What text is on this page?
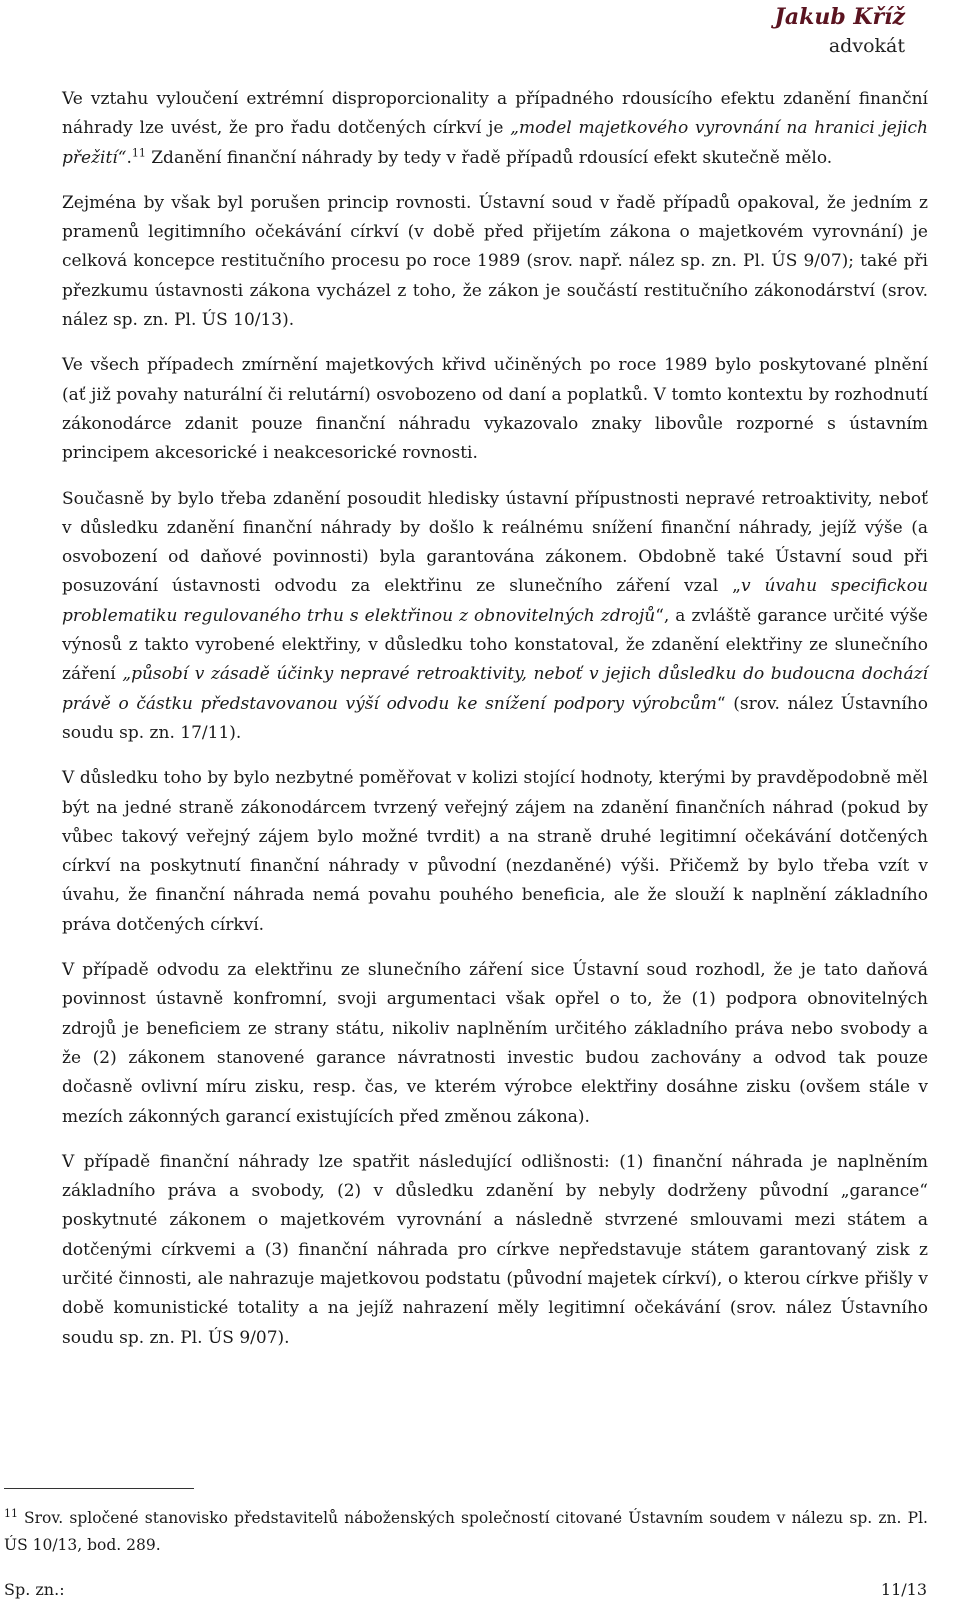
Jakub Kříž
advokát

Ve vztahu vyloučení extrémní disproporcionality a případného rdousícího efektu zdanění finanční náhrady lze uvést, že pro řadu dotčených církví je „model majetkového vyrovnání na hranici jejich přežití“.$^{11}$ Zdanění finanční náhrady by tedy v řadě případů rdousící efekt skutečně mělo.

Zejména by však byl porušen princip rovnosti. Ústavní soud v řadě případů opakoval, že jedním z pramenů legitimního očekávání církví (v době před přijetím zákona o majetkovém vyrovnání) je celková koncepce restitučního procesu po roce 1989 (srov. např. nález sp. zn. Pl. ÚS 9/07); také při přezkumu ústavnosti zákona vycházel z toho, že zákon je součástí restitučního zákonodárství (srov. nález sp. zn. Pl. ÚS 10/13).

Ve všech případech zmírnění majetkových křivd učiněných po roce 1989 bylo poskytované plnění (ať již povahy naturální či relutární) osvobozeno od daní a poplatků. V tomto kontextu by rozhodnutí zákonodárce zdanit pouze finanční náhradu vykazovalo znaky libovůle rozporné s ústavním principem akcesorické i neakcesorické rovnosti.

Současně by bylo třeba zdanění posoudit hledisky ústavní přípustnosti nepravé retroaktivity, neboť v důsledku zdanění finanční náhrady by došlo k reálnému snížení finanční náhrady, jejíž výše (a osvobození od daňové povinnosti) byla garantována zákonem. Obdobně také Ústavní soud při posuzování ústavnosti odvodu za elektřinu ze slunečního záření vzal „v úvahu specifickou problematiku regulovaného trhu s elektřinou z obnovitelných zdrojů“, a zvláště garance určité výše výnosů z takto vyrobené elektřiny, v důsledku toho konstatoval, že zdanění elektřiny ze slunečního záření „působí v zásadě účinky nepravé retroaktivity, neboť v jejich důsledku do budoucna dochází právě o částku představovanou výší odvodu ke snížení podpory výrobcům“ (srov. nález Ústavního soudu sp. zn. 17/11).

V důsledku toho by bylo nezbytné poměřovat v kolizi stojící hodnoty, kterými by pravděpodobně měl být na jedné straně zákonodárcem tvrzený veřejný zájem na zdanění finančních náhrad (pokud by vůbec takový veřejný zájem bylo možné tvrdit) a na straně druhé legitimní očekávání dotčených církví na poskytnutí finanční náhrady v původní (nezdaněné) výši. Přičemž by bylo třeba vzít v úvahu, že finanční náhrada nemá povahu pouhého beneficia, ale že slouží k naplnění základního práva dotčených církví.

V případě odvodu za elektřinu ze slunečního záření sice Ústavní soud rozhodl, že je tato daňová povinnost ústavně konfromní, svoji argumentaci však opřel o to, že (1) podpora obnovitelných zdrojů je beneficiem ze strany státu, nikoliv naplněním určitého základního práva nebo svobody a že (2) zákonem stanovené garance návratnosti investic budou zachovány a odvod tak pouze dočasně ovlivní míru zisku, resp. čas, ve kterém výrobce elektřiny dosáhne zisku (ovšem stále v mezích zákonných garancí existujících před změnou zákona).

V případě finanční náhrady lze spatřit následující odlišnosti: (1) finanční náhrada je naplněním základního práva a svobody, (2) v důsledku zdanění by nebyly dodrženy původní „garance“ poskytnuté zákonem o majetkovém vyrovnání a následně stvrzené smlouvami mezi státem a dotčenými církvemi a (3) finanční náhrada pro církve nepředstavuje státem garantovaný zisk z určité činnosti, ale nahrazuje majetkovou podstatu (původní majetek církví), o kterou církve přišly v době komunistické totality a na jejíž nahrazení měly legitimní očekávání (srov. nález Ústavního soudu sp. zn. Pl. ÚS 9/07).

$^{11}$ Srov. spločené stanovisko představitelů náboženských společností citované Ústavním soudem v nálezu sp. zn. Pl. ÚS 10/13, bod. 289.
Sp. zn.:	11/13
